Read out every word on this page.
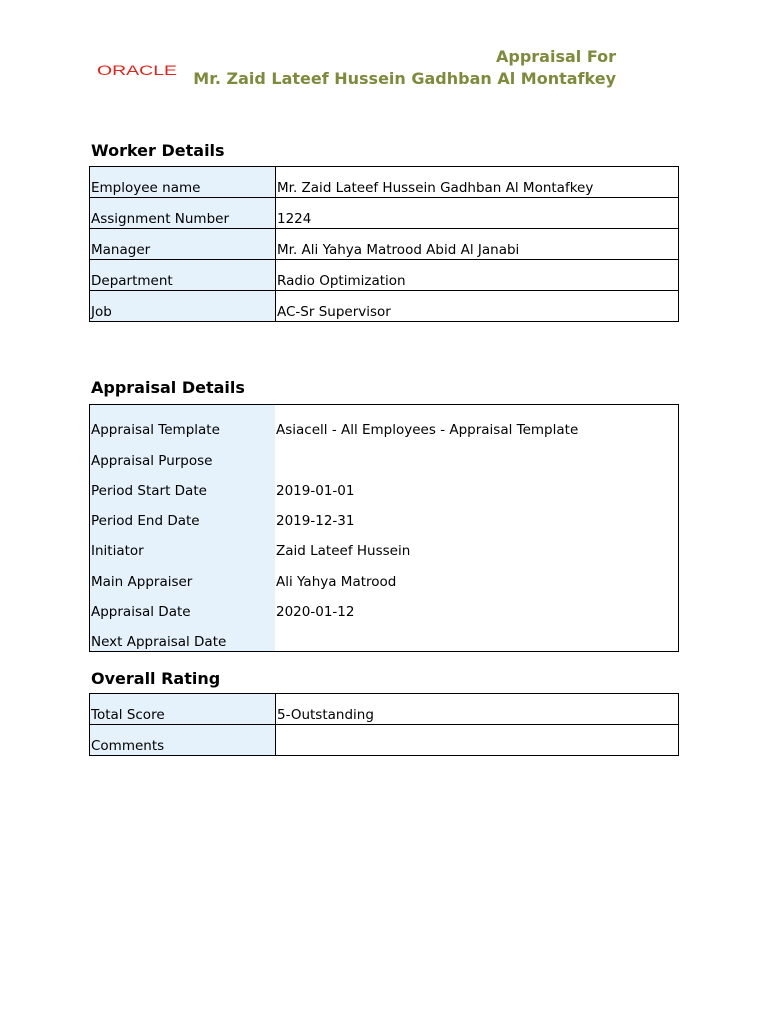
ORACLE
Appraisal For
Mr. Zaid Lateef Hussein Gadhban Al Montafkey
Worker Details
Employee name	Mr. Zaid Lateef Hussein Gadhban Al Montafkey
Assignment Number	1224
Manager	Mr. Ali Yahya Matrood Abid Al Janabi
Department	Radio Optimization
Job	AC-Sr Supervisor
Appraisal Details
Appraisal Template	Asiacell - All Employees - Appraisal Template
Appraisal Purpose	
Period Start Date	2019-01-01
Period End Date	2019-12-31
Initiator	Zaid Lateef Hussein
Main Appraiser	Ali Yahya Matrood
Appraisal Date	2020-01-12
Next Appraisal Date	
Overall Rating
Total Score	5-Outstanding
Comments	
